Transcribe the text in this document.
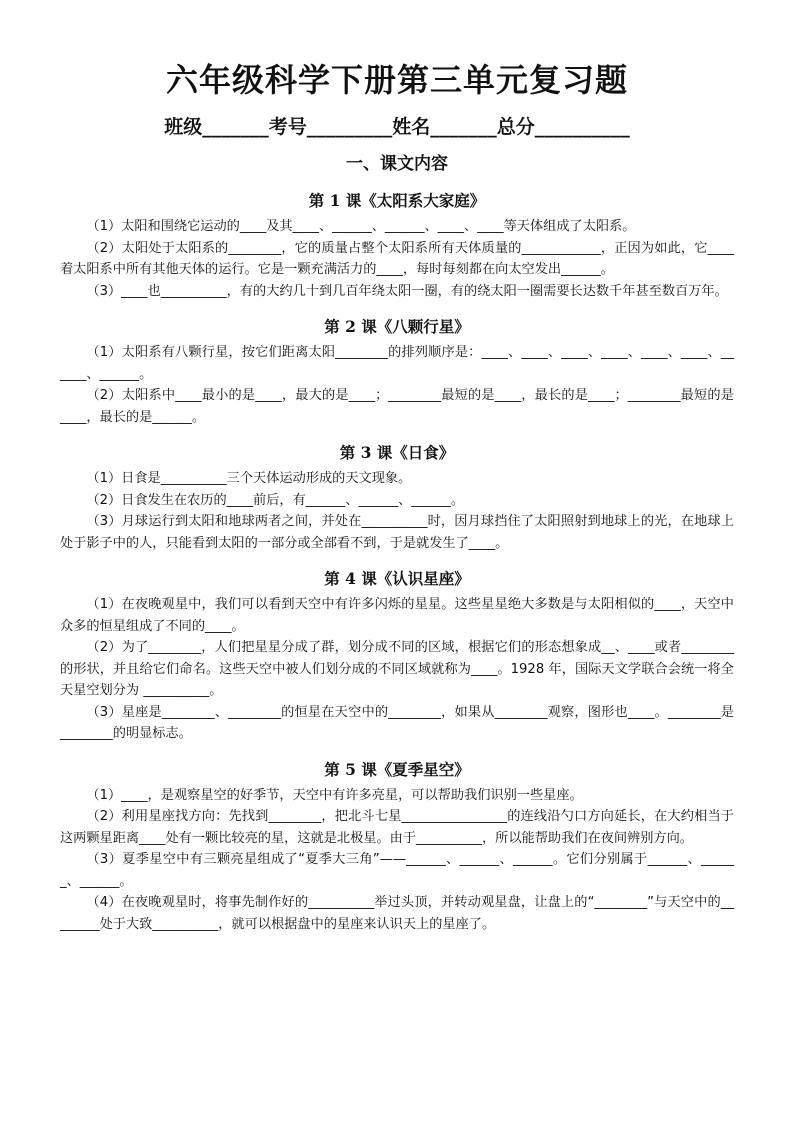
六年级科学下册第三单元复习题
班级_______考号_________姓名_______总分__________
一、课文内容
第 1 课《太阳系大家庭》

（1）太阳和围绕它运动的____及其____、______、______、____、____等天体组成了太阳系。

（2）太阳处于太阳系的________，它的质量占整个太阳系所有天体质量的____________，正因为如此，它____着太阳系中所有其他天体的运行。它是一颗充满活力的____，每时每刻都在向太空发出______。

（3）____也__________，有的大约几十到几百年绕太阳一圈，有的绕太阳一圈需要长达数千年甚至数百万年。

第 2 课《八颗行星》

（1）太阳系有八颗行星，按它们距离太阳________的排列顺序是：____、____、____、____、____、____、______、______。

（2）太阳系中____最小的是____，最大的是____；________最短的是____，最长的是____；________最短的是____，最长的是______。

第 3 课《日食》

（1）日食是__________三个天体运动形成的天文现象。

（2）日食发生在农历的____前后，有______、______、______。

（3）月球运行到太阳和地球两者之间，并处在__________时，因月球挡住了太阳照射到地球上的光，在地球上处于影子中的人，只能看到太阳的一部分或全部看不到，于是就发生了____。

第 4 课《认识星座》

（1）在夜晚观星中，我们可以看到天空中有许多闪烁的星星。这些星星绝大多数是与太阳相似的____，天空中众多的恒星组成了不同的____。

（2）为了________，人们把星星分成了群，划分成不同的区域，根据它们的形态想象成__、____或者________的形状，并且给它们命名。这些天空中被人们划分成的不同区域就称为____。1928 年，国际天文学联合会统一将全天星空划分为 __________。

（3）星座是________、________的恒星在天空中的________，如果从________观察，图形也____。________是________的明显标志。

第 5 课《夏季星空》

（1）____，是观察星空的好季节，天空中有许多亮星，可以帮助我们识别一些星座。

（2）利用星座找方向：先找到________，把北斗七星________________的连线沿勺口方向延长，在大约相当于这两颗星距离____处有一颗比较亮的星，这就是北极星。由于__________，所以能帮助我们在夜间辨别方向。

（3）夏季星空中有三颗亮星组成了“夏季大三角”——______、______、______。它们分别属于______、______、______。

（4）在夜晚观星时，将事先制作好的__________举过头顶，并转动观星盘，让盘上的“________”与天空中的________处于大致__________，就可以根据盘中的星座来认识天上的星座了。
